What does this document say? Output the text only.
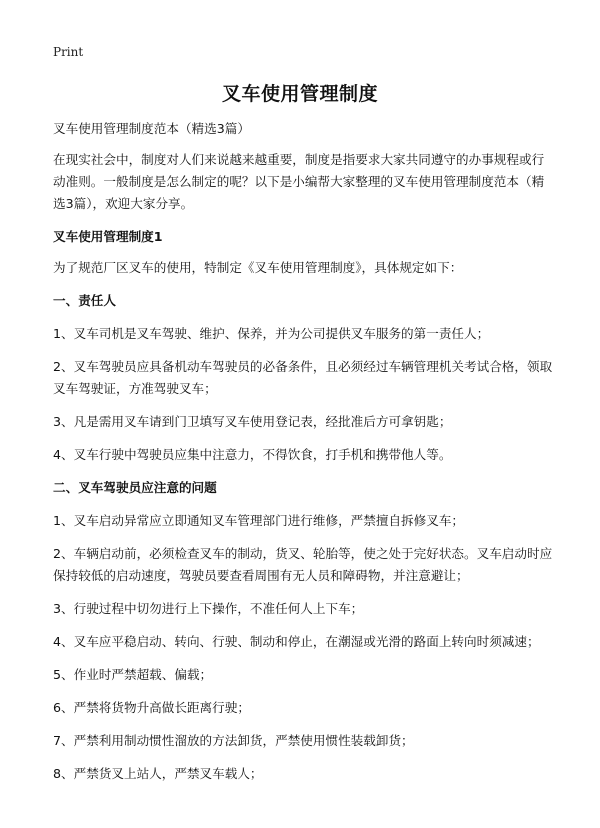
Print
叉车使用管理制度

叉车使用管理制度范本（精选3篇）

在现实社会中，制度对人们来说越来越重要，制度是指要求大家共同遵守的办事规程或行动准则。一般制度是怎么制定的呢？以下是小编帮大家整理的叉车使用管理制度范本（精选3篇），欢迎大家分享。

叉车使用管理制度1

为了规范厂区叉车的使用，特制定《叉车使用管理制度》，具体规定如下：

一、责任人

1、叉车司机是叉车驾驶、维护、保养，并为公司提供叉车服务的第一责任人；

2、叉车驾驶员应具备机动车驾驶员的必备条件，且必须经过车辆管理机关考试合格，领取叉车驾驶证，方准驾驶叉车；

3、凡是需用叉车请到门卫填写叉车使用登记表，经批准后方可拿钥匙；

4、叉车行驶中驾驶员应集中注意力，不得饮食，打手机和携带他人等。

二、叉车驾驶员应注意的问题

1、叉车启动异常应立即通知叉车管理部门进行维修，严禁擅自拆修叉车；

2、车辆启动前，必须检查叉车的制动，货叉、轮胎等，使之处于完好状态。叉车启动时应保持较低的启动速度，驾驶员要查看周围有无人员和障碍物，并注意避让；

3、行驶过程中切勿进行上下操作，不准任何人上下车；

4、叉车应平稳启动、转向、行驶、制动和停止，在潮湿或光滑的路面上转向时须减速；

5、作业时严禁超载、偏载；

6、严禁将货物升高做长距离行驶；

7、严禁利用制动惯性溜放的方法卸货，严禁使用惯性装载卸货；

8、严禁货叉上站人，严禁叉车载人；
